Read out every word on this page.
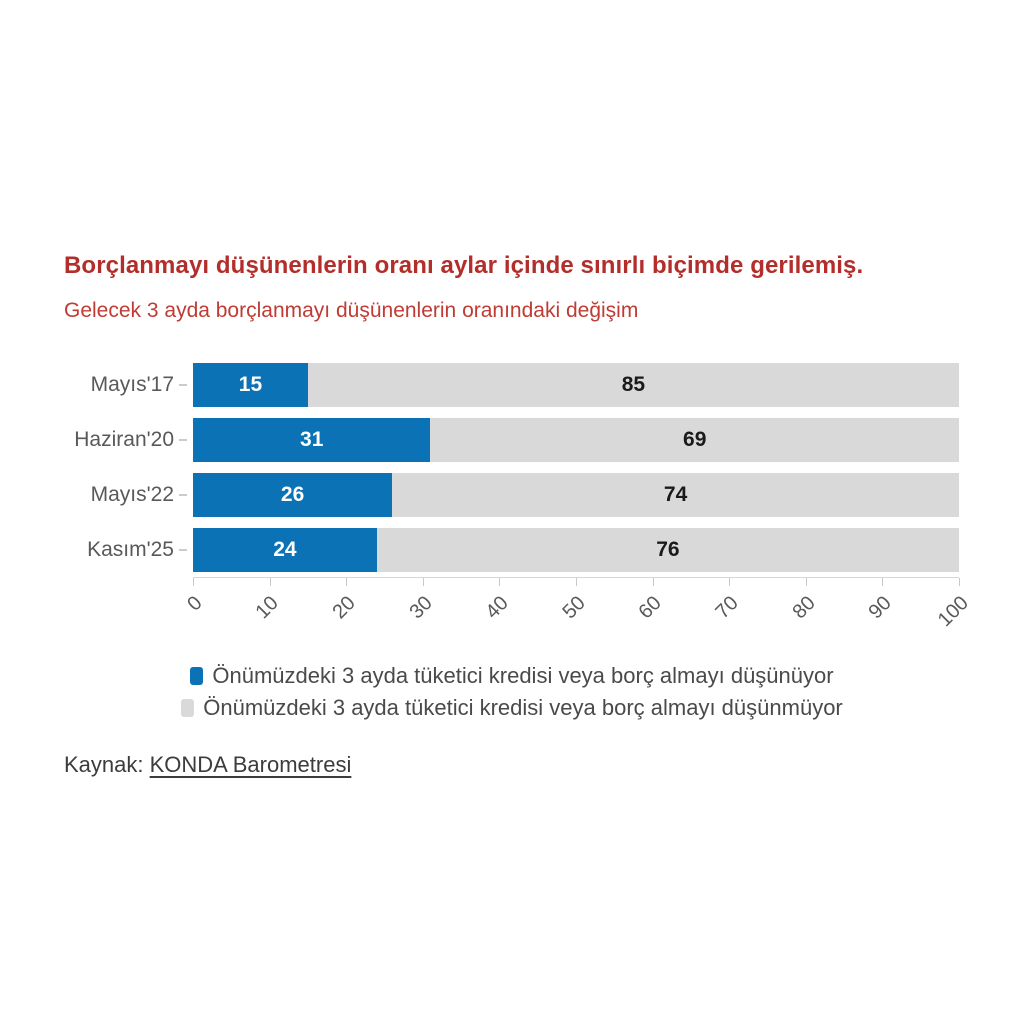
Borçlanmayı düşünenlerin oranı aylar içinde sınırlı biçimde gerilemiş.
Gelecek 3 ayda borçlanmayı düşünenlerin oranındaki değişim
Mayıs'17	15	85
Haziran'20	31	69
Mayıs'22	26	74
Kasım'25	24	76
0 10 20 30 40 50 60 70 80 90 100
Önümüzdeki 3 ayda tüketici kredisi veya borç almayı düşünüyor
Önümüzdeki 3 ayda tüketici kredisi veya borç almayı düşünmüyor
Kaynak: KONDA Barometresi
